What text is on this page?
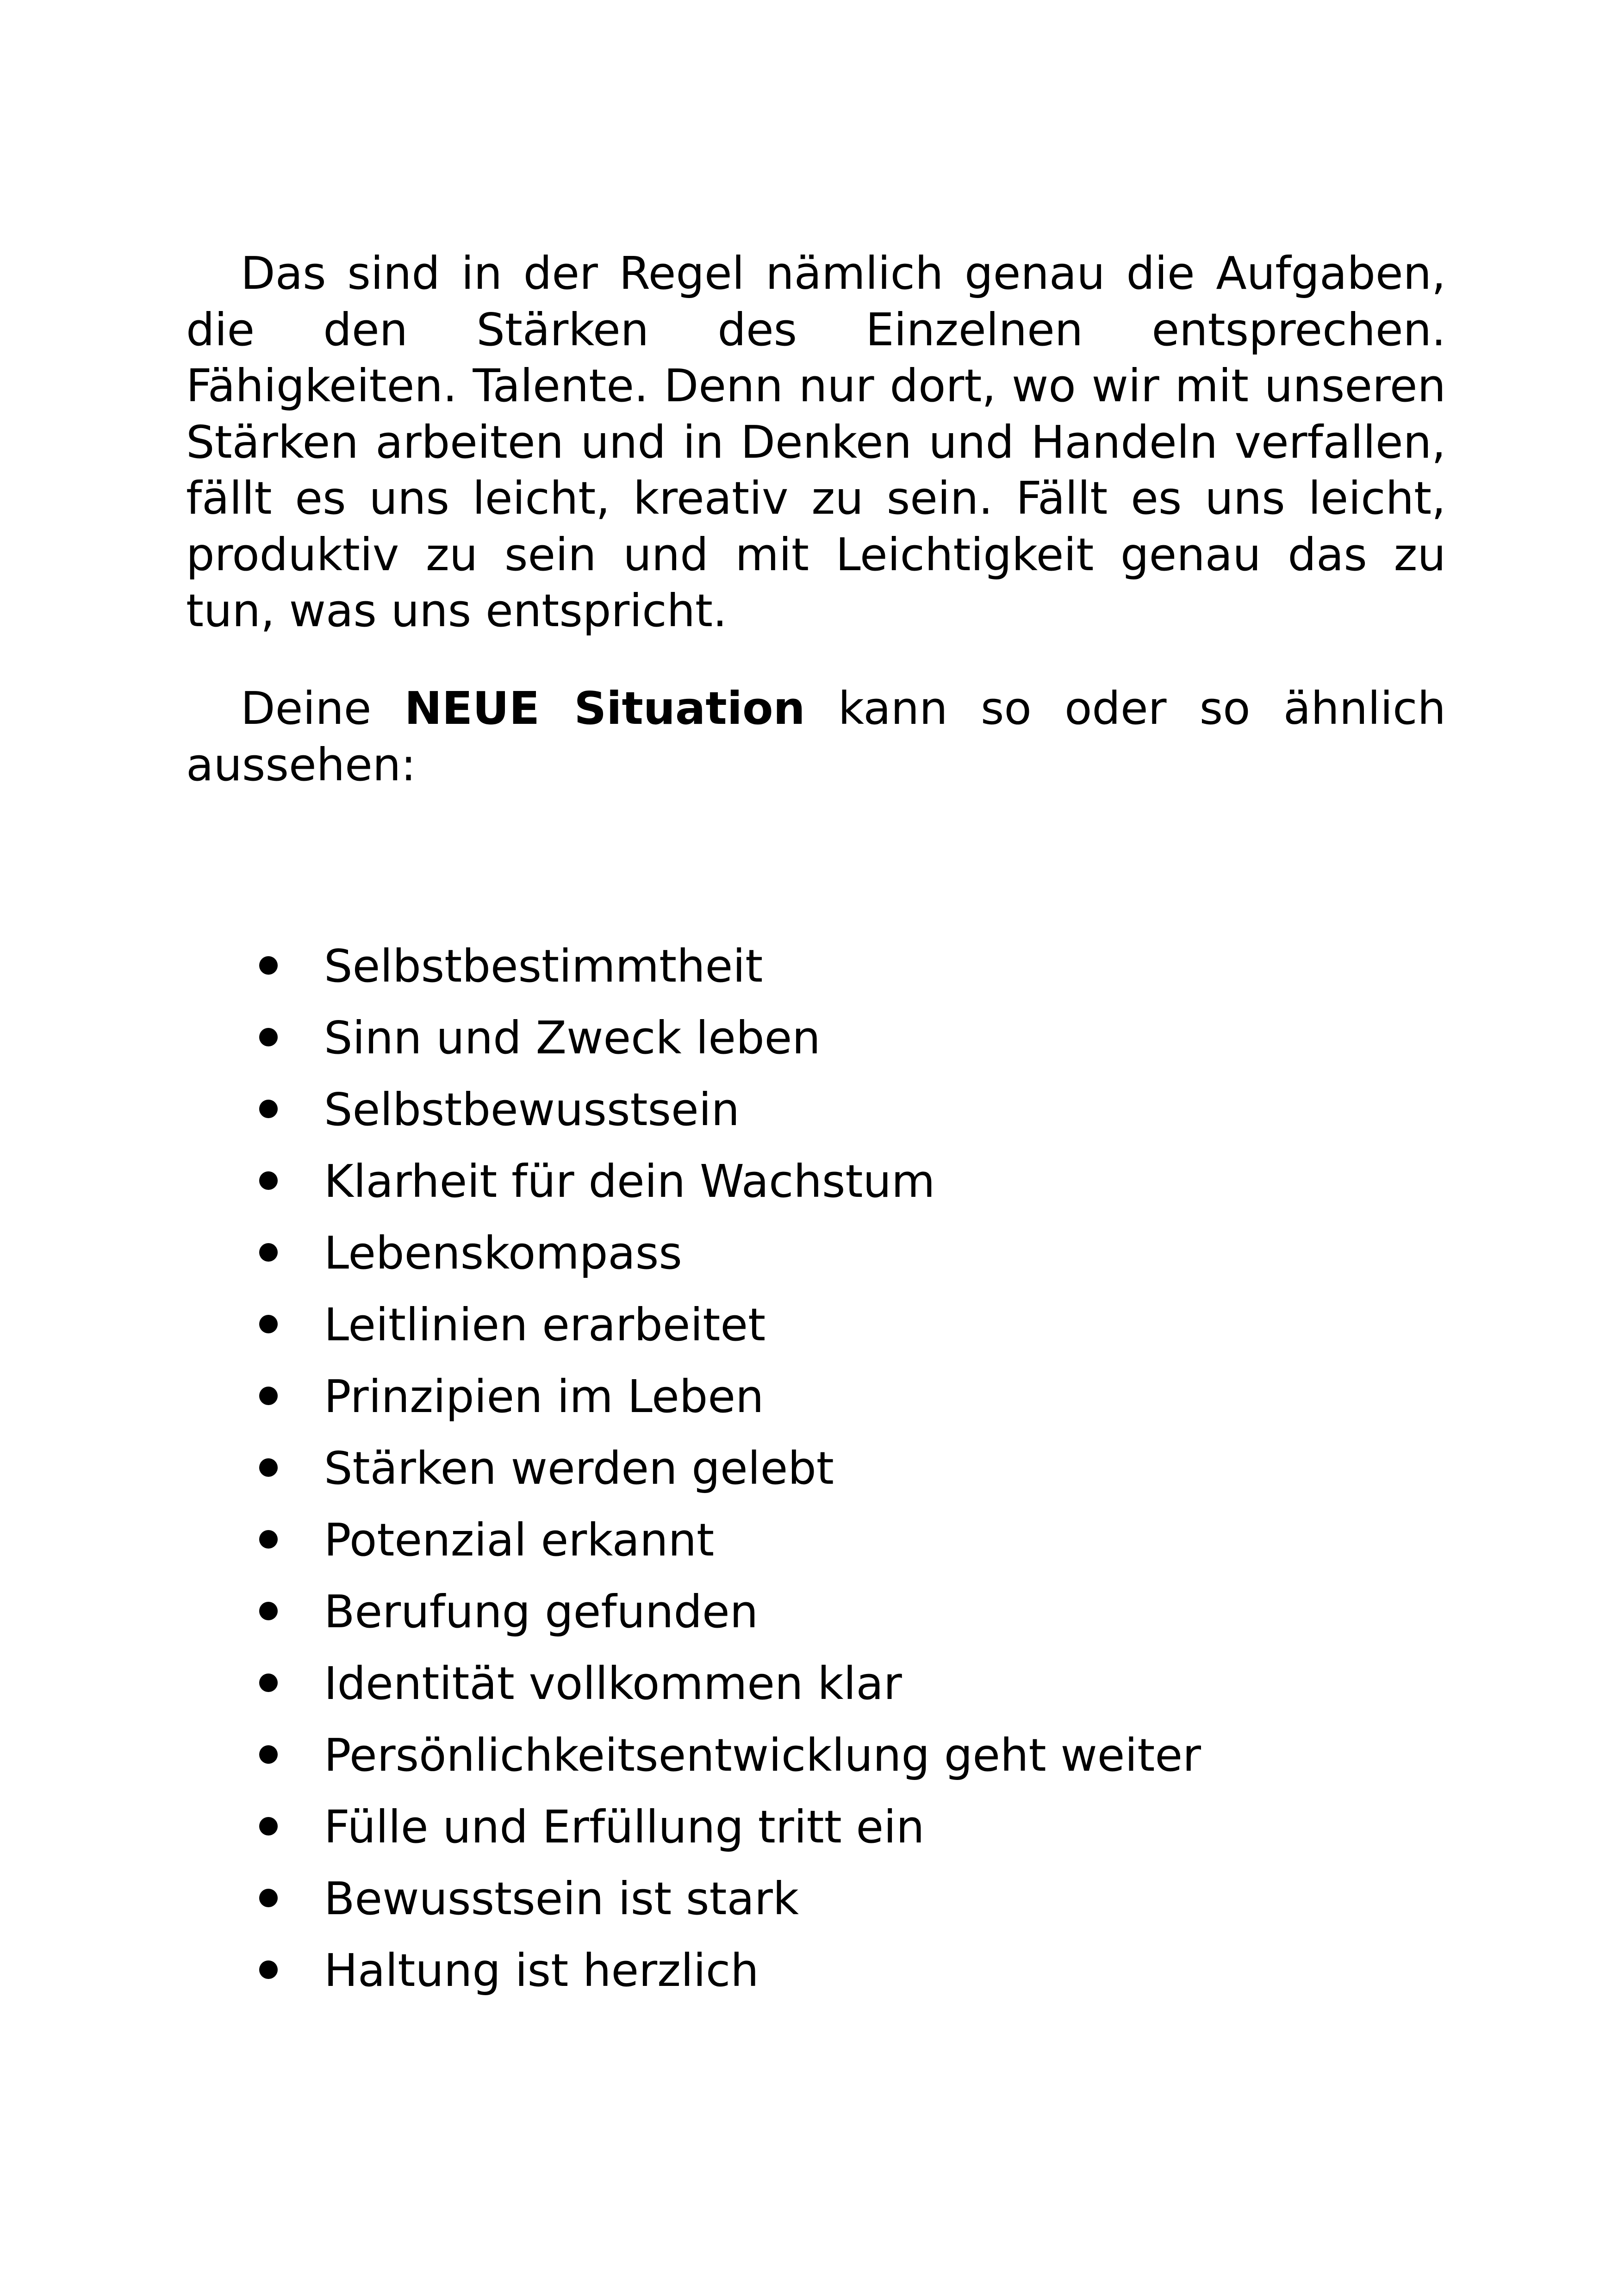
Das sind in der Regel nämlich genau die Aufgaben, die den Stärken des Einzelnen entsprechen. Fähigkeiten. Talente. Denn nur dort, wo wir mit unseren Stärken arbeiten und in Denken und Handeln verfallen, fällt es uns leicht, kreativ zu sein. Fällt es uns leicht, produktiv zu sein und mit Leichtigkeit genau das zu tun, was uns entspricht.

Deine NEUE Situation kann so oder so ähnlich aussehen:

Selbstbestimmtheit
Sinn und Zweck leben
Selbstbewusstsein
Klarheit für dein Wachstum
Lebenskompass
Leitlinien erarbeitet
Prinzipien im Leben
Stärken werden gelebt
Potenzial erkannt
Berufung gefunden
Identität vollkommen klar
Persönlichkeitsentwicklung geht weiter
Fülle und Erfüllung tritt ein
Bewusstsein ist stark
Haltung ist herzlich
